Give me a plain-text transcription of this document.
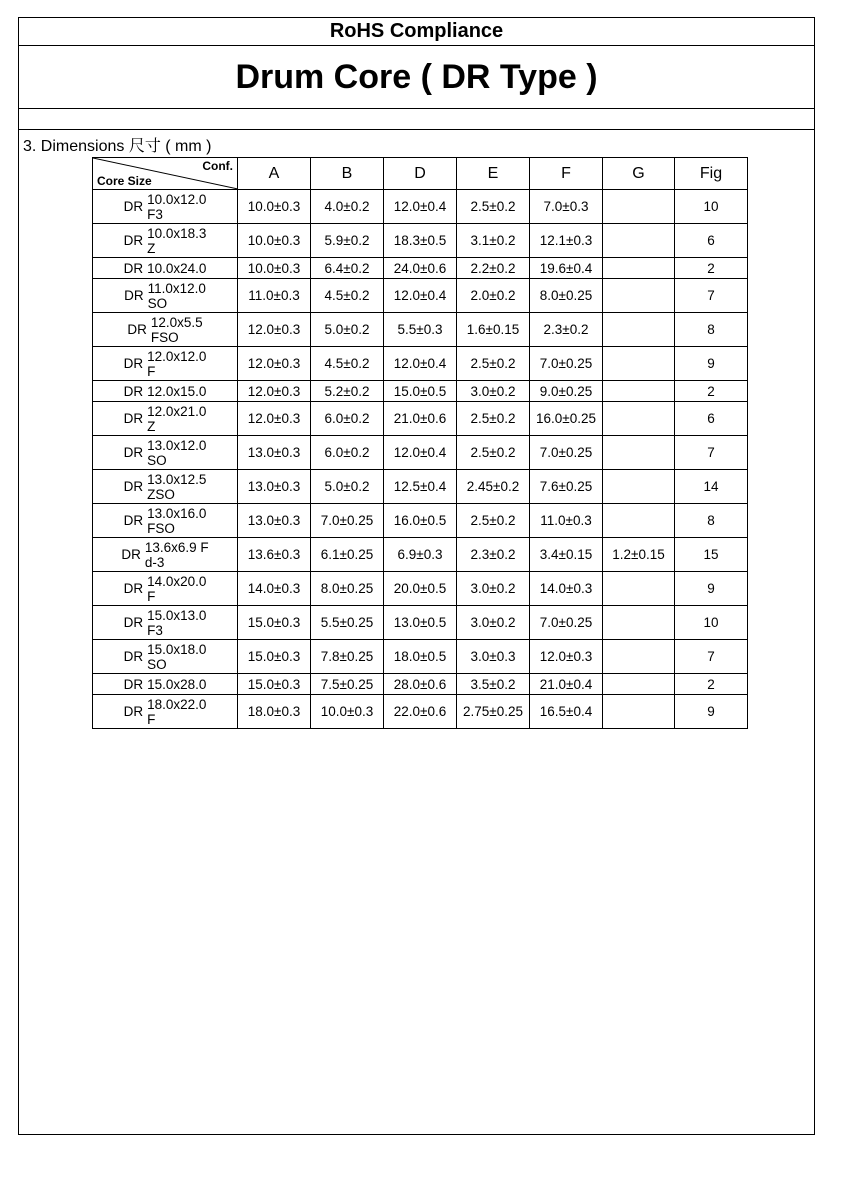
RoHS Compliance
Drum Core ( DR Type )
3. Dimensions 尺寸 ( mm )
Conf.
Core Size	A	B	D	E	F	G	Fig

DR 10.0x12.0
F3	10.0±0.3	4.0±0.2	12.0±0.4	2.5±0.2	7.0±0.3		10

DR 10.0x18.3
Z	10.0±0.3	5.9±0.2	18.3±0.5	3.1±0.2	12.1±0.3		6

DR 10.0x24.0	10.0±0.3	6.4±0.2	24.0±0.6	2.2±0.2	19.6±0.4		2

DR 11.0x12.0
SO	11.0±0.3	4.5±0.2	12.0±0.4	2.0±0.2	8.0±0.25		7

DR 12.0x5.5
FSO	12.0±0.3	5.0±0.2	5.5±0.3	1.6±0.15	2.3±0.2		8

DR 12.0x12.0
F	12.0±0.3	4.5±0.2	12.0±0.4	2.5±0.2	7.0±0.25		9

DR 12.0x15.0	12.0±0.3	5.2±0.2	15.0±0.5	3.0±0.2	9.0±0.25		2

DR 12.0x21.0
Z	12.0±0.3	6.0±0.2	21.0±0.6	2.5±0.2	16.0±0.25		6

DR 13.0x12.0
SO	13.0±0.3	6.0±0.2	12.0±0.4	2.5±0.2	7.0±0.25		7

DR 13.0x12.5
ZSO	13.0±0.3	5.0±0.2	12.5±0.4	2.45±0.2	7.6±0.25		14

DR 13.0x16.0
FSO	13.0±0.3	7.0±0.25	16.0±0.5	2.5±0.2	11.0±0.3		8

DR 13.6x6.9 F
d-3	13.6±0.3	6.1±0.25	6.9±0.3	2.3±0.2	3.4±0.15	1.2±0.15	15

DR 14.0x20.0
F	14.0±0.3	8.0±0.25	20.0±0.5	3.0±0.2	14.0±0.3		9

DR 15.0x13.0
F3	15.0±0.3	5.5±0.25	13.0±0.5	3.0±0.2	7.0±0.25		10

DR 15.0x18.0
SO	15.0±0.3	7.8±0.25	18.0±0.5	3.0±0.3	12.0±0.3		7

DR 15.0x28.0	15.0±0.3	7.5±0.25	28.0±0.6	3.5±0.2	21.0±0.4		2

DR 18.0x22.0
F	18.0±0.3	10.0±0.3	22.0±0.6	2.75±0.25	16.5±0.4		9
